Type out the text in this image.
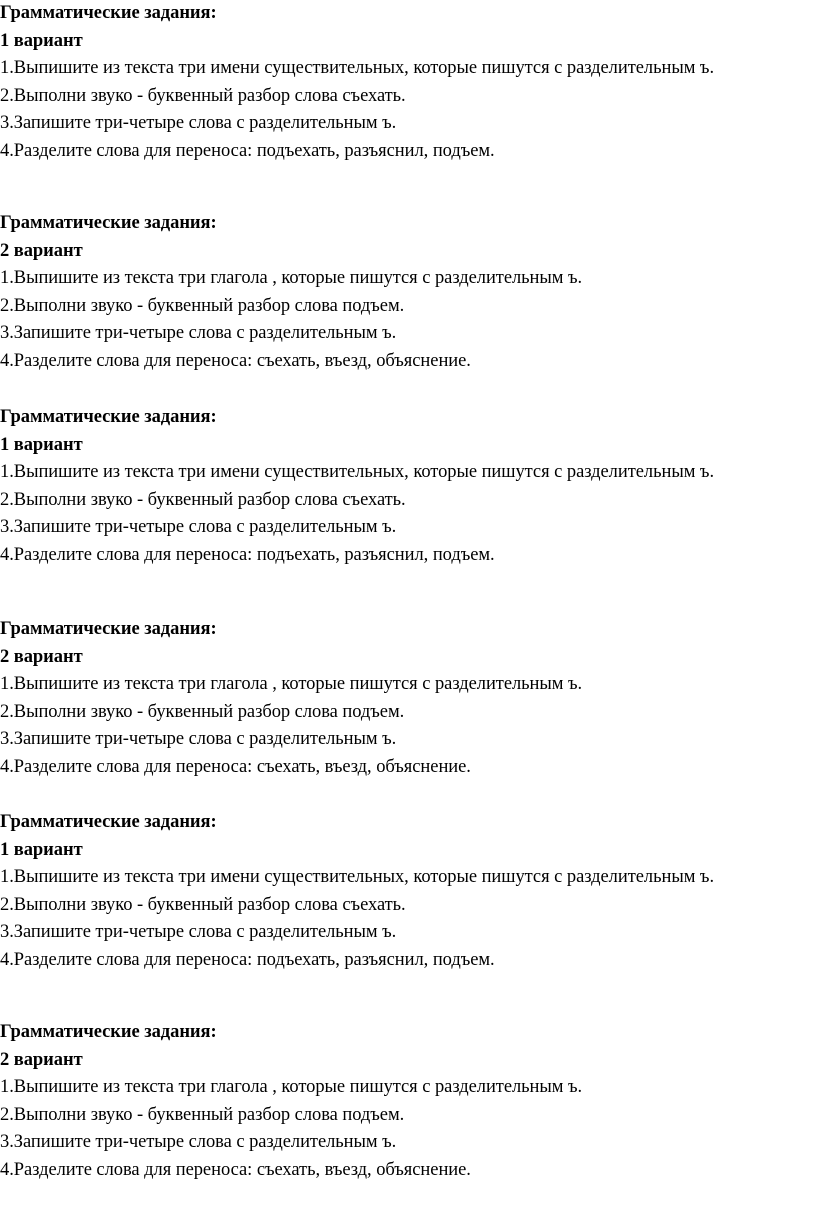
Грамматические задания:
1 вариант
1.Выпишите из текста три имени существительных, которые пишутся с разделительным ъ.
2.Выполни звуко - буквенный разбор слова съехать.
3.Запишите три-четыре слова с разделительным ъ.
4.Разделите слова для переноса: подъехать, разъяснил, подъем.
Грамматические задания:
2 вариант
1.Выпишите из текста три глагола , которые пишутся с разделительным ъ.
2.Выполни звуко - буквенный разбор слова подъем.
3.Запишите три-четыре слова с разделительным ъ.
4.Разделите слова для переноса: съехать, въезд, объяснение.
Грамматические задания:
1 вариант
1.Выпишите из текста три имени существительных, которые пишутся с разделительным ъ.
2.Выполни звуко - буквенный разбор слова съехать.
3.Запишите три-четыре слова с разделительным ъ.
4.Разделите слова для переноса: подъехать, разъяснил, подъем.
Грамматические задания:
2 вариант
1.Выпишите из текста три глагола , которые пишутся с разделительным ъ.
2.Выполни звуко - буквенный разбор слова подъем.
3.Запишите три-четыре слова с разделительным ъ.
4.Разделите слова для переноса: съехать, въезд, объяснение.
Грамматические задания:
1 вариант
1.Выпишите из текста три имени существительных, которые пишутся с разделительным ъ.
2.Выполни звуко - буквенный разбор слова съехать.
3.Запишите три-четыре слова с разделительным ъ.
4.Разделите слова для переноса: подъехать, разъяснил, подъем.
Грамматические задания:
2 вариант
1.Выпишите из текста три глагола , которые пишутся с разделительным ъ.
2.Выполни звуко - буквенный разбор слова подъем.
3.Запишите три-четыре слова с разделительным ъ.
4.Разделите слова для переноса: съехать, въезд, объяснение.
